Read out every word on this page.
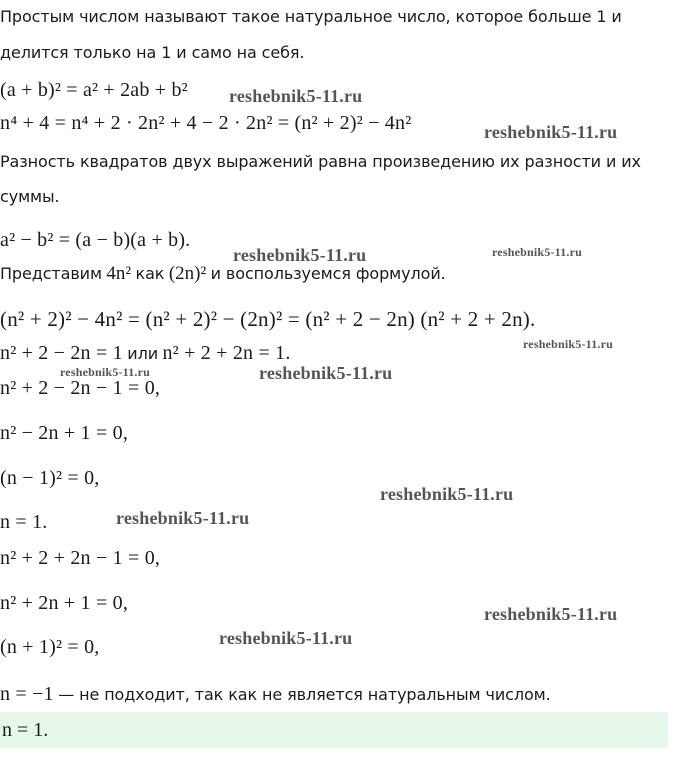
Простым числом называют такое натуральное число, которое больше 1 и
делится только на 1 и само на себя.
(a + b)² = a² + 2ab + b²
n⁴ + 4 = n⁴ + 2 · 2n² + 4 − 2 · 2n² = (n² + 2)² − 4n²
Разность квадратов двух выражений равна произведению их разности и их
суммы.
a² − b² = (a − b)(a + b).
Представим 4n² как (2n)² и воспользуемся формулой.
(n² + 2)² − 4n² = (n² + 2)² − (2n)² = (n² + 2 − 2n) (n² + 2 + 2n).
n² + 2 − 2n = 1 или n² + 2 + 2n = 1.
n² + 2 − 2n − 1 = 0,
n² − 2n + 1 = 0,
(n − 1)² = 0,
n = 1.
n² + 2 + 2n − 1 = 0,
n² + 2n + 1 = 0,
(n + 1)² = 0,
n = −1 — не подходит, так как не является натуральным числом.
n = 1.
reshebnik5-11.ru
reshebnik5-11.ru
reshebnik5-11.ru	reshebnik5-11.ru
reshebnik5-11.ru
reshebnik5-11.ru	reshebnik5-11.ru
reshebnik5-11.ru
reshebnik5-11.ru
reshebnik5-11.ru
reshebnik5-11.ru
